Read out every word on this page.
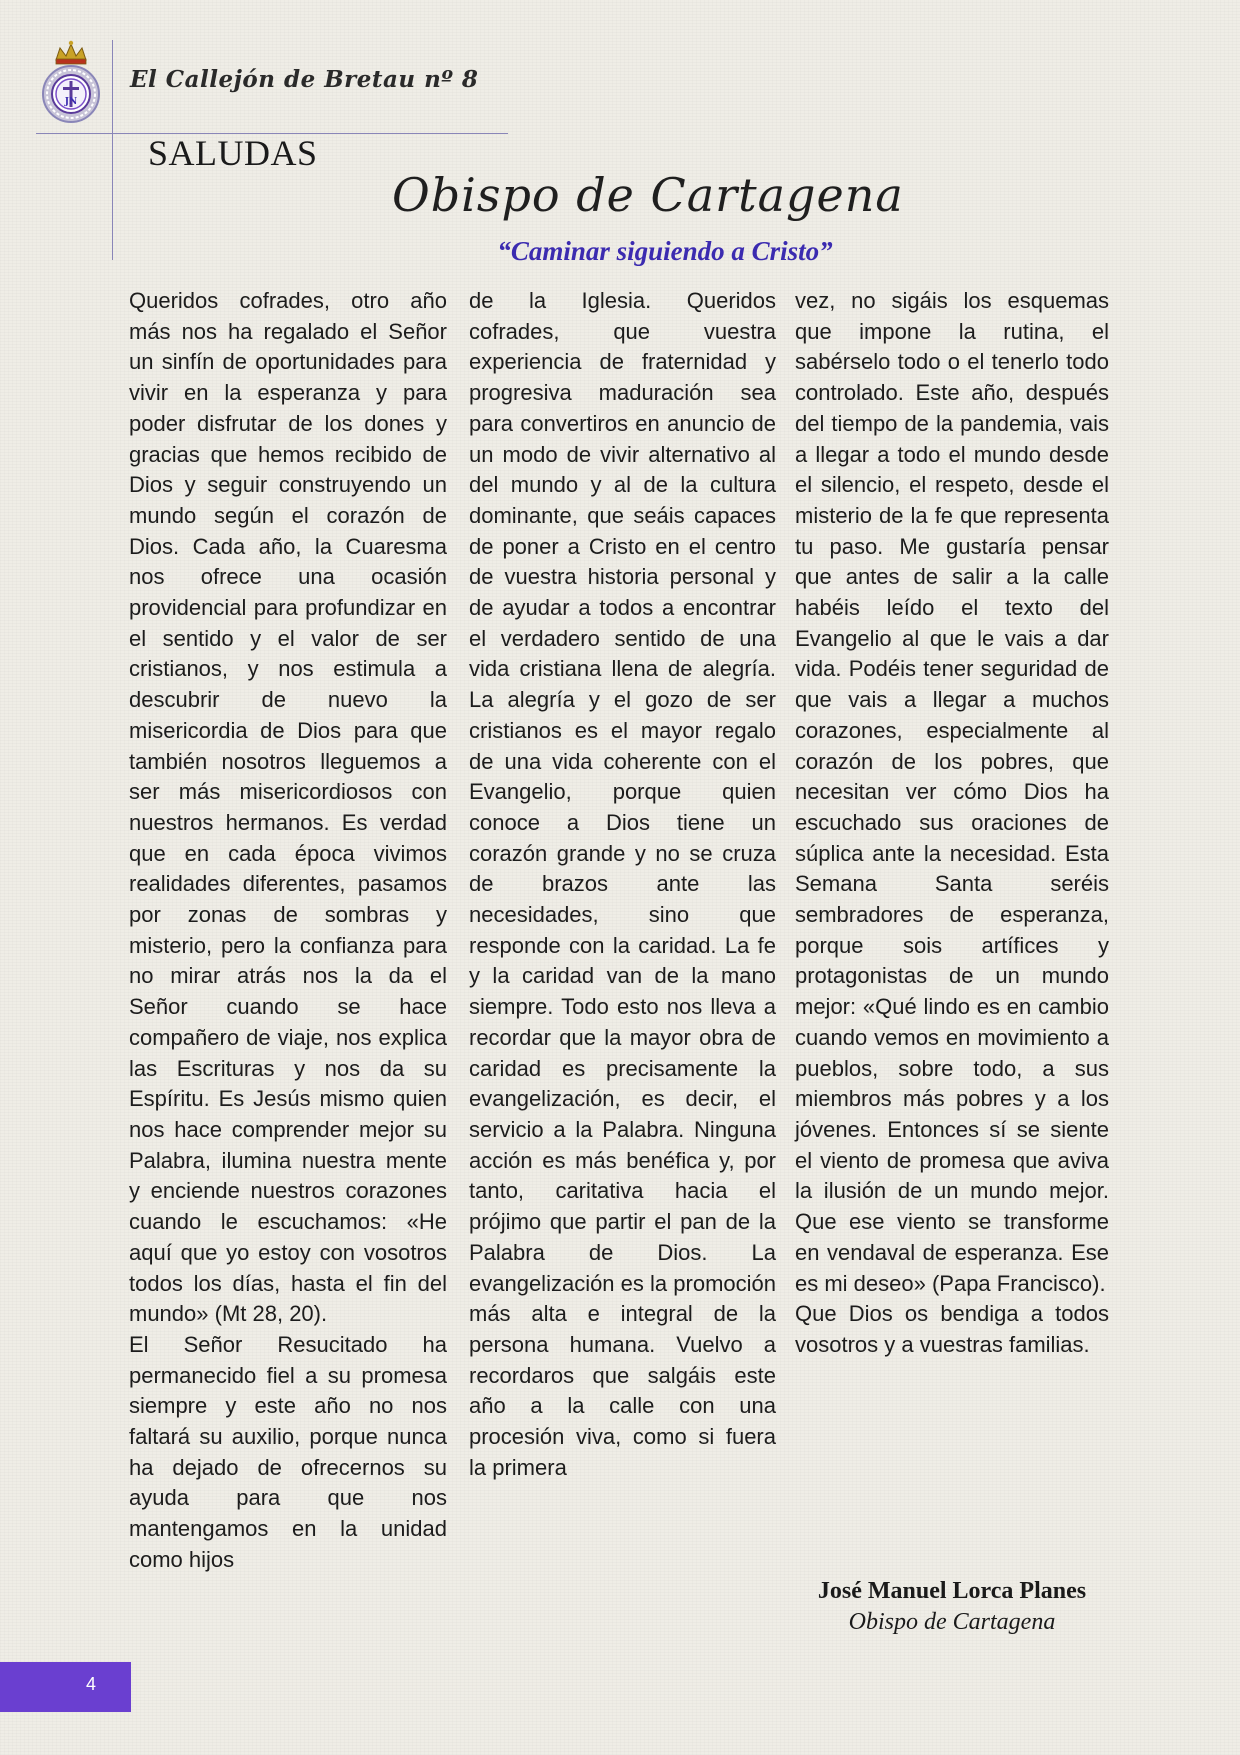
JN
El Callejón de Bretau nº 8
SALUDAS
Obispo de Cartagena
“Caminar siguiendo a Cristo”

Queridos cofrades, otro año más nos ha regalado el Señor un sinfín de oportunidades para vivir en la esperanza y para poder disfrutar de los dones y gracias que hemos recibido de Dios y seguir construyendo un mundo según el corazón de Dios. Cada año, la Cuaresma nos ofrece una ocasión providencial para profundizar en el sentido y el valor de ser cristianos, y nos estimula a descubrir de nuevo la misericordia de Dios para que también nosotros lleguemos a ser más misericordiosos con nuestros hermanos. Es verdad que en cada época vivimos realidades diferentes, pasamos por zonas de sombras y misterio, pero la confianza para no mirar atrás nos la da el Señor cuando se hace compañero de viaje, nos explica las Escrituras y nos da su Espíritu. Es Jesús mismo quien nos hace comprender mejor su Palabra, ilumina nuestra mente y enciende nuestros corazones cuando le escuchamos: «He aquí que yo estoy con vosotros todos los días, hasta el fin del mundo» (Mt 28, 20).

El Señor Resucitado ha permanecido fiel a su promesa siempre y este año no nos faltará su auxilio, porque nunca ha dejado de ofrecernos su ayuda para que nos mantengamos en la unidad como hijos

de la Iglesia. Queridos cofrades, que vuestra experiencia de fraternidad y progresiva maduración sea para convertiros en anuncio de un modo de vivir alternativo al del mundo y al de la cultura dominante, que seáis capaces de poner a Cristo en el centro de vuestra historia personal y de ayudar a todos a encontrar el verdadero sentido de una vida cristiana llena de alegría. La alegría y el gozo de ser cristianos es el mayor regalo de una vida coherente con el Evangelio, porque quien conoce a Dios tiene un corazón grande y no se cruza de brazos ante las necesidades, sino que responde con la caridad. La fe y la caridad van de la mano siempre. Todo esto nos lleva a recordar que la mayor obra de caridad es precisamente la evangelización, es decir, el servicio a la Palabra. Ninguna acción es más benéfica y, por tanto, caritativa hacia el prójimo que partir el pan de la Palabra de Dios. La evangelización es la promoción más alta e integral de la persona humana. Vuelvo a recordaros que salgáis este año a la calle con una procesión viva, como si fuera la primera

vez, no sigáis los esquemas que impone la rutina, el sabérselo todo o el tenerlo todo controlado. Este año, después del tiempo de la pandemia, vais a llegar a todo el mundo desde el silencio, el respeto, desde el misterio de la fe que representa tu paso. Me gustaría pensar que antes de salir a la calle habéis leído el texto del Evangelio al que le vais a dar vida. Podéis tener seguridad de que vais a llegar a muchos corazones, especialmente al corazón de los pobres, que necesitan ver cómo Dios ha escuchado sus oraciones de súplica ante la necesidad. Esta Semana Santa seréis sembradores de esperanza, porque sois artífices y protagonistas de un mundo mejor: «Qué lindo es en cambio cuando vemos en movimiento a pueblos, sobre todo, a sus miembros más pobres y a los jóvenes. Entonces sí se siente el viento de promesa que aviva la ilusión de un mundo mejor. Que ese viento se transforme en vendaval de esperanza. Ese es mi deseo» (Papa Francisco).

Que Dios os bendiga a todos vosotros y a vuestras familias.

José Manuel Lorca Planes
Obispo de Cartagena
4
